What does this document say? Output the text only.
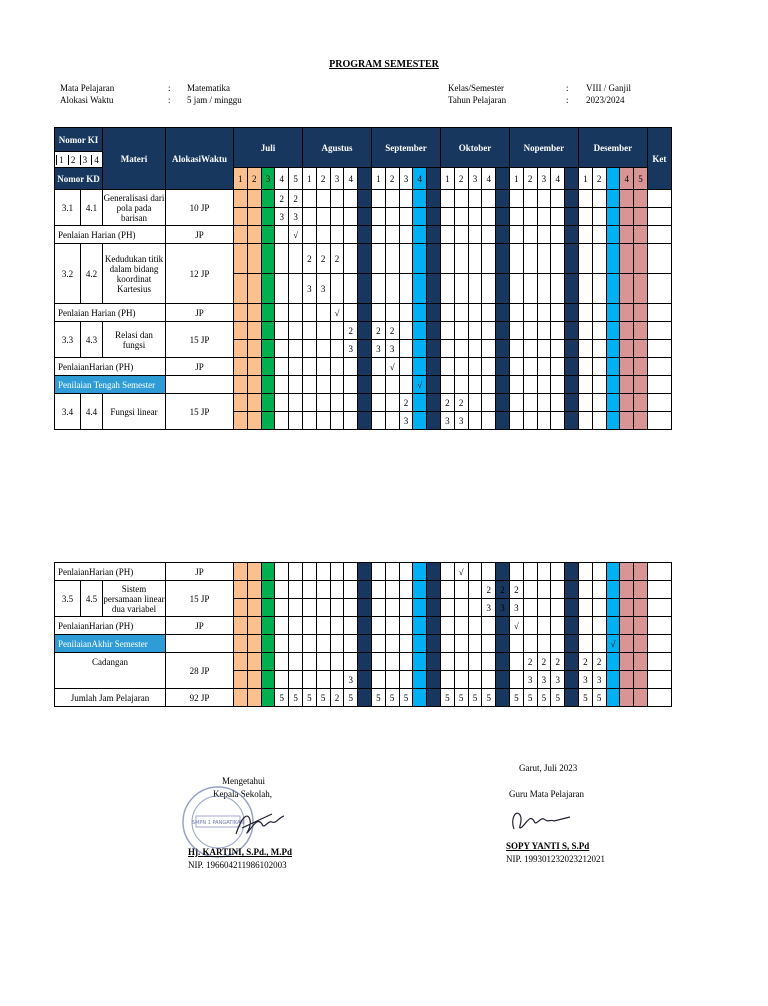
PROGRAM SEMESTER
Mata Pelajaran	: Matematika
Alokasi Waktu	: 5 jam / minggu
Kelas/Semester	: VIII / Ganjil
Tahun Pelajaran	: 2023/2024
Nomor KI		Materi	AlokasiWaktu	Juli					Agustus					September					Oktober					Nopember					Desember					Ket

1 2 3 4																																		

Nomor KD				1	2	3	4	5	1	2	3	4		1	2	3	4		1	2	3	4		1	2	3	4		1	2		4	5	
3.1	4.1	Generalisasi dari pola pada barisan	10 JP				2	2																										
							3	3																										
Penlaian Harian (PH)			JP					√																										
3.2	4.2	Kedudukan titik dalam bidang koordinat Kartesius	12 JP						2	2	2																							
									3	3																								
Penlaian Harian (PH)			JP								√																							
3.3	4.3	Relasi dan fungsi	15 JP									2		2	2																			
												3		3	3																			
PenlaianHarian (PH)			JP												√																			
Penilaian Tengah Semester																	√																	
3.4	4.4	Fungsi linear	15 JP													2			2	2														
																3			3	3														
PenlaianHarian (PH)			JP																	√														
3.5	4.5	Sistem persamaan linear dua variabel	15 JP																			2	2	2										
																						3	3	3										
PenlaianHarian (PH)			JP																					√										
PenilaianAkhir Semester																															√			
Cadangan			28 JP																						2	2	2		2	2				
												3													3	3	3		3	3				
Jumlah Jam Pelajaran			92 JP				5	5	5	5	2	5		5	5	5			5	5	5	5		5	5	5	5		5	5				
Garut, Juli 2023
Mengetahui
Kepala Sekolah,	Guru Mata Pelajaran
SMPN 1 PANGATIKAN
Hj. KARTINI, S.Pd., M.Pd
NIP. 196604211986102003
SOPY YANTI S, S.Pd
NIP. 199301232023212021
